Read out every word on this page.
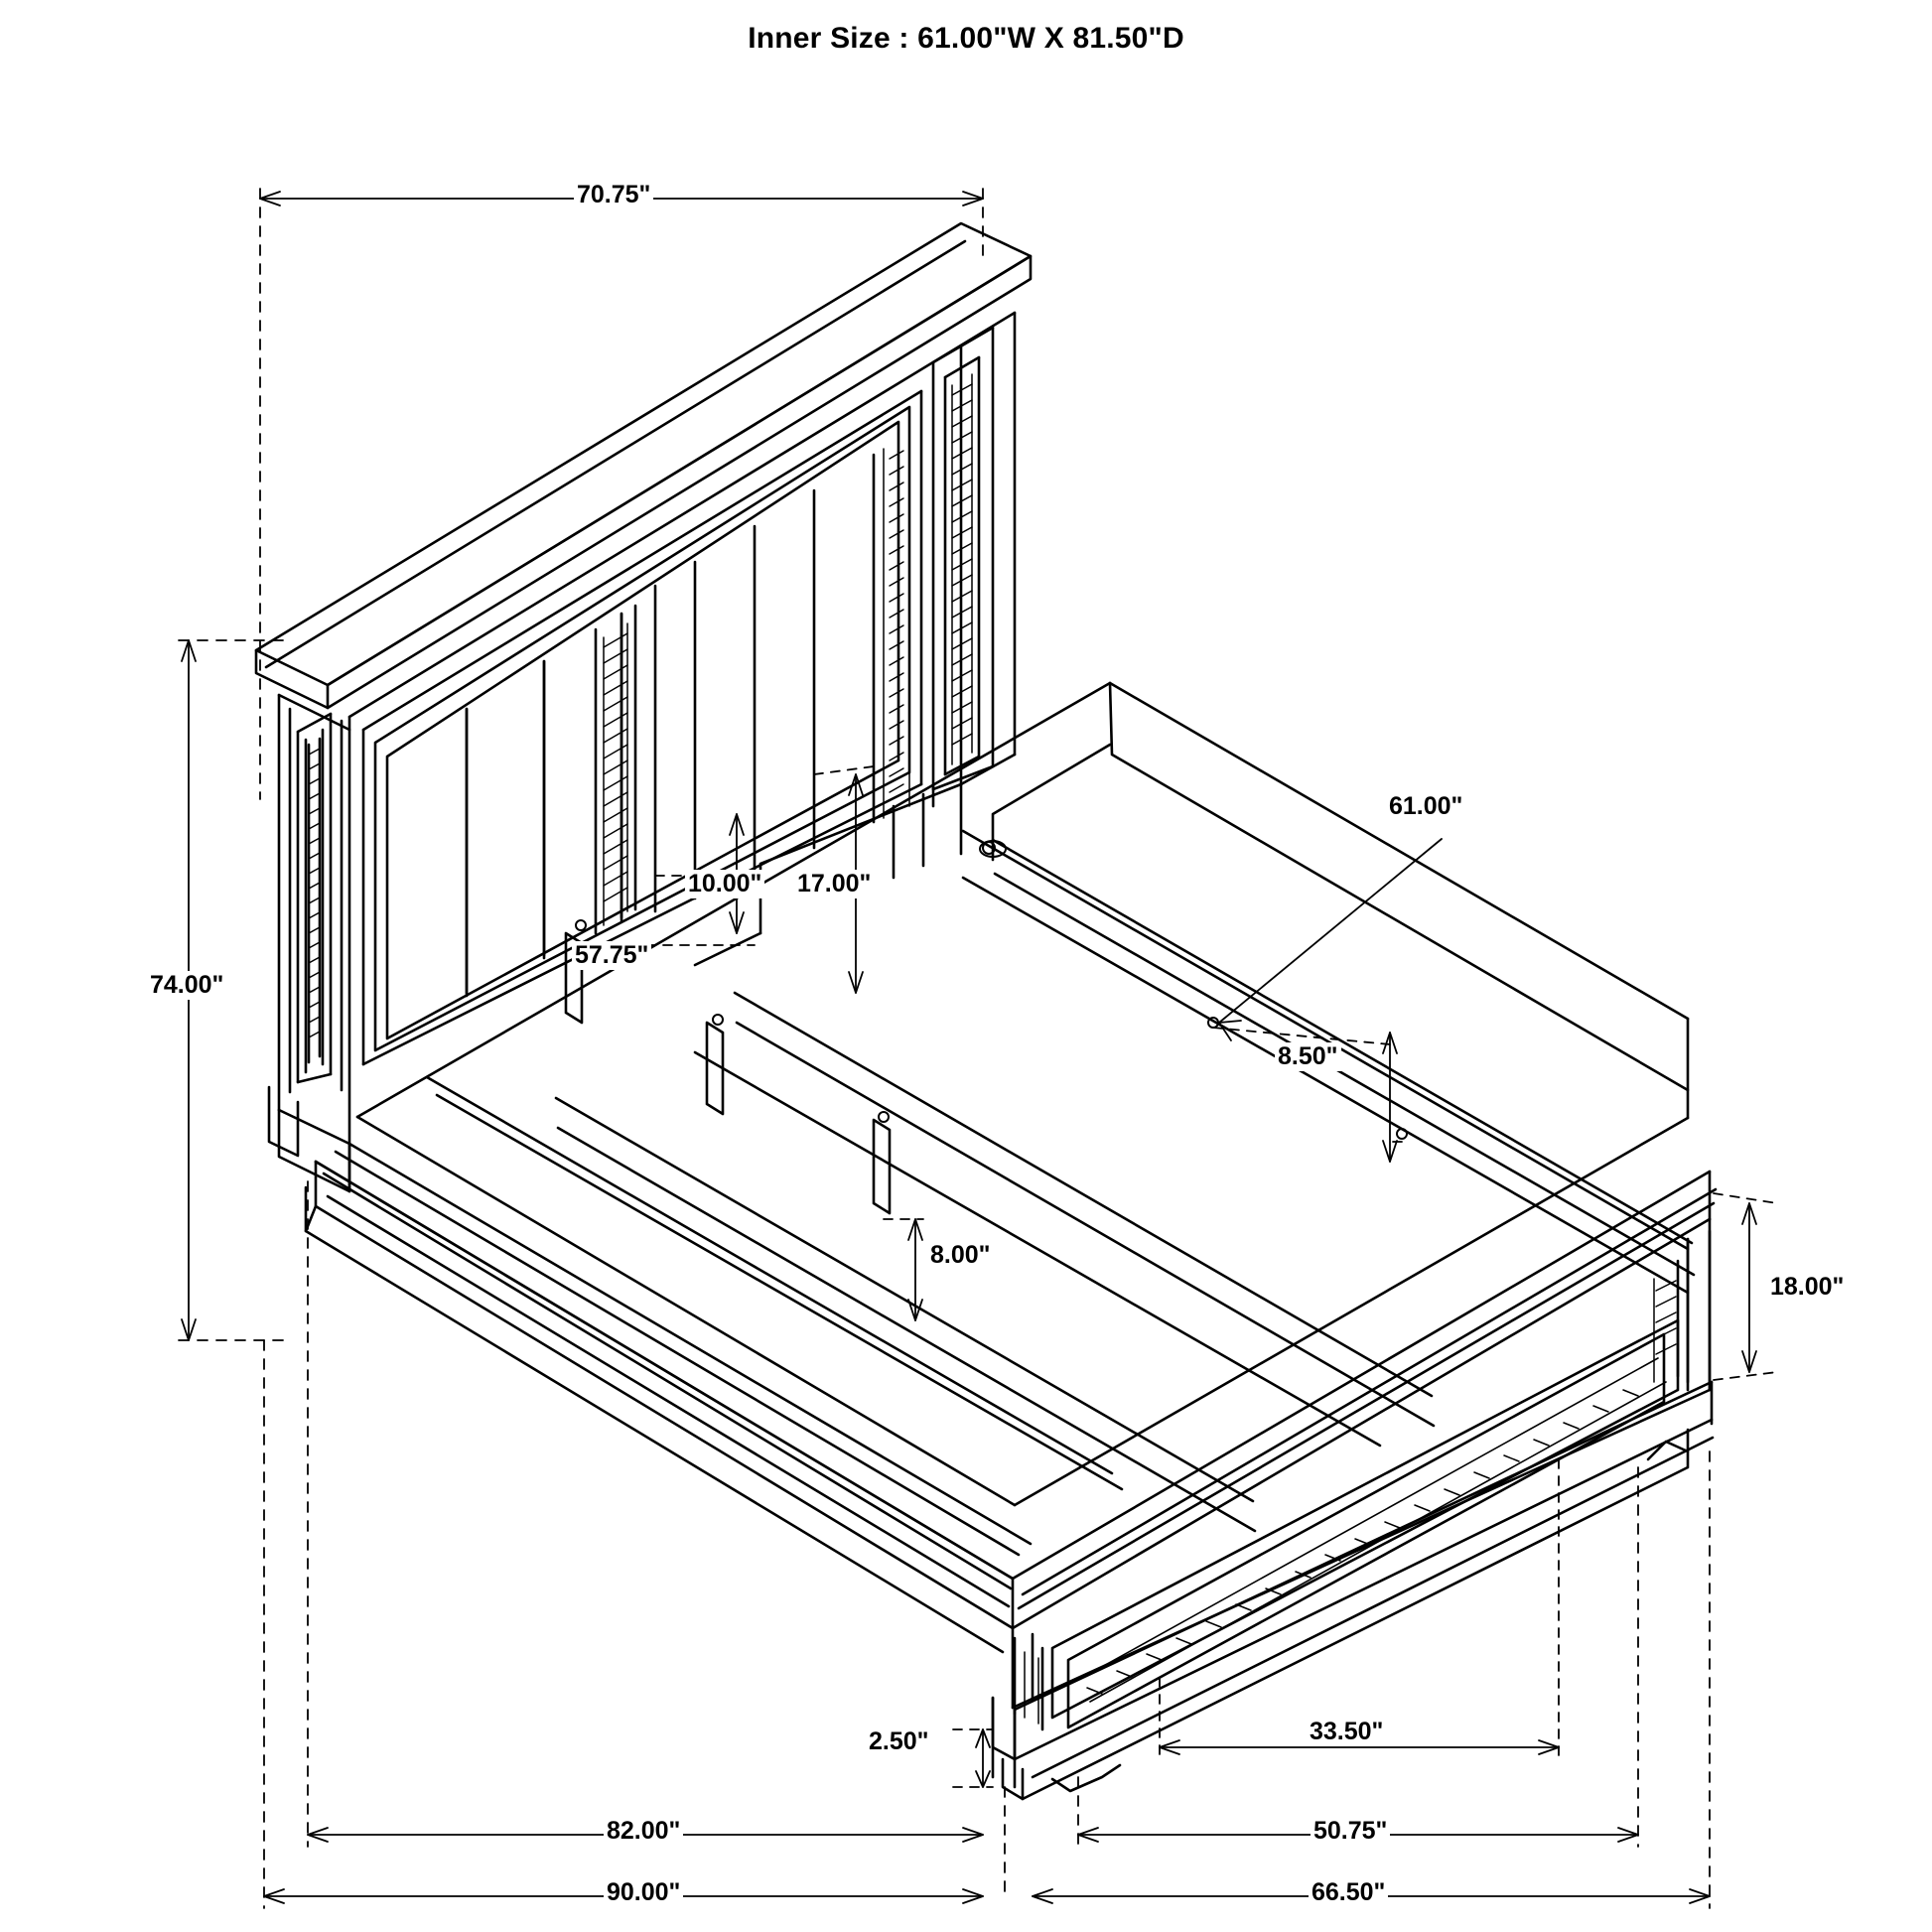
Inner Size : 61.00"W X 81.50"D
70.75"
74.00"
10.00" 17.00"
57.75"
61.00"
8.50"
8.00"
18.00"
2.50"	33.50"
82.00"	50.75"
90.00"	66.50"
